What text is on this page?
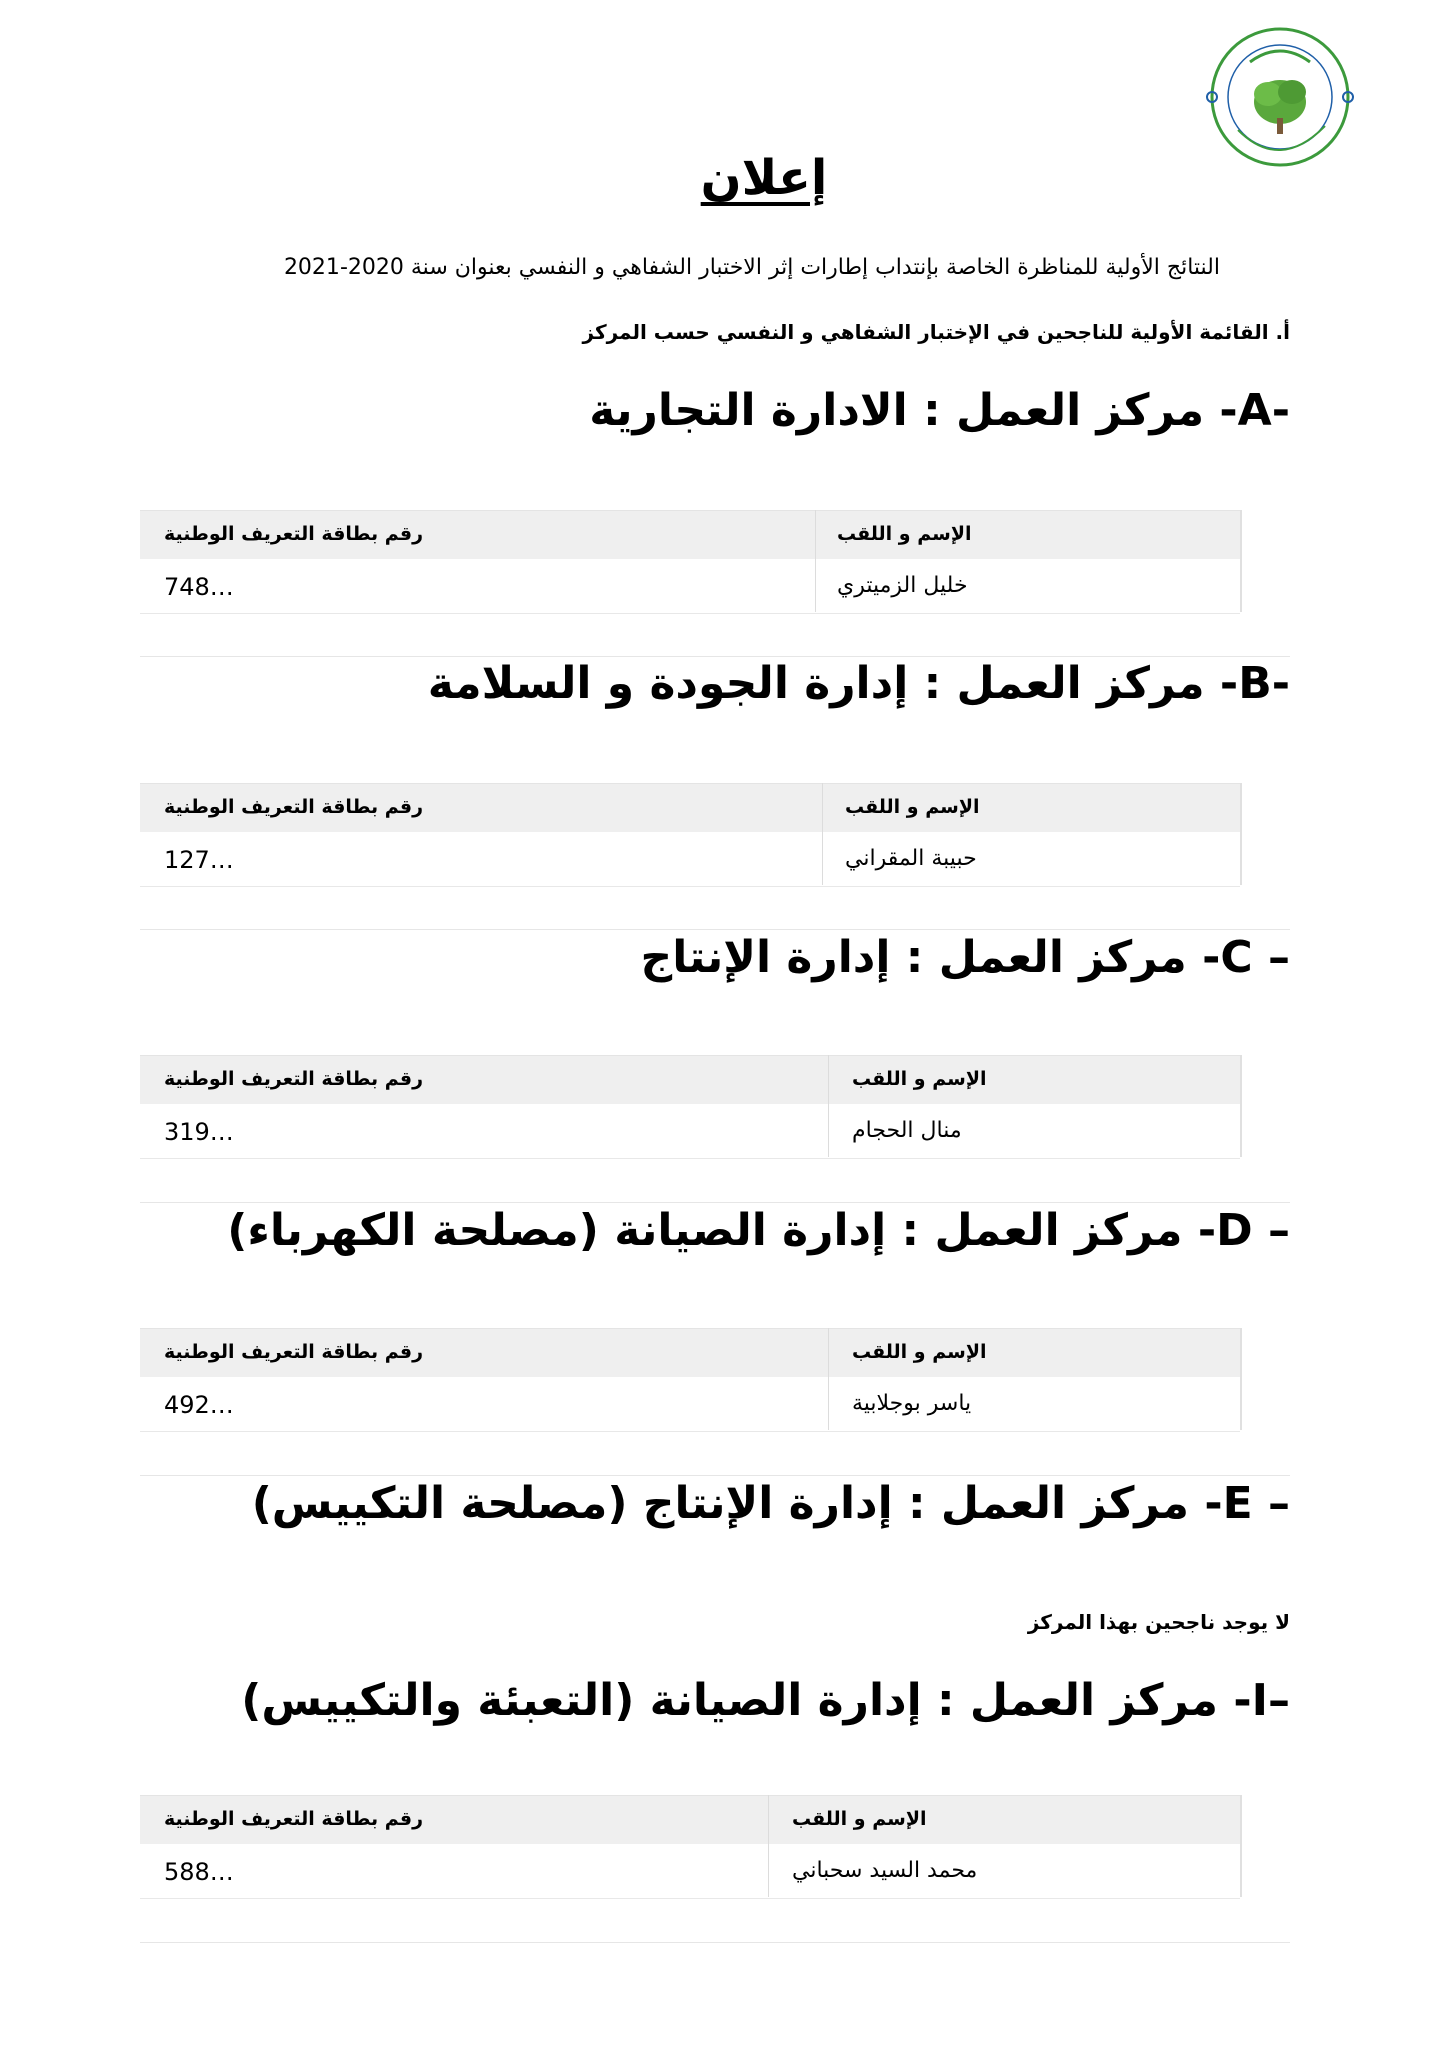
إعلان
النتائج الأولية للمناظرة الخاصة بإنتداب إطارات إثر الاختبار الشفاهي و النفسي بعنوان سنة 2020-2021
أ. القائمة الأولية للناجحين في الإختبار الشفاهي و النفسي حسب المركز
-A- مركز العمل : الادارة التجارية
رقم بطاقة التعريف الوطنية	الإسم و اللقب
748…	خليل الزميتري
-B- مركز العمل : إدارة الجودة و السلامة
رقم بطاقة التعريف الوطنية	الإسم و اللقب
127…	حبيبة المقراني
– C- مركز العمل : إدارة الإنتاج
رقم بطاقة التعريف الوطنية	الإسم و اللقب
319…	منال الحجام
– D- مركز العمل : إدارة الصيانة (مصلحة الكهرباء)
رقم بطاقة التعريف الوطنية	الإسم و اللقب
492…	ياسر بوجلابية
– E- مركز العمل : إدارة الإنتاج (مصلحة التكييس)
لا يوجد ناجحين بهذا المركز
–I- مركز العمل : إدارة الصيانة (التعبئة والتكييس)
رقم بطاقة التعريف الوطنية	الإسم و اللقب
588…	محمد السيد سحباني
